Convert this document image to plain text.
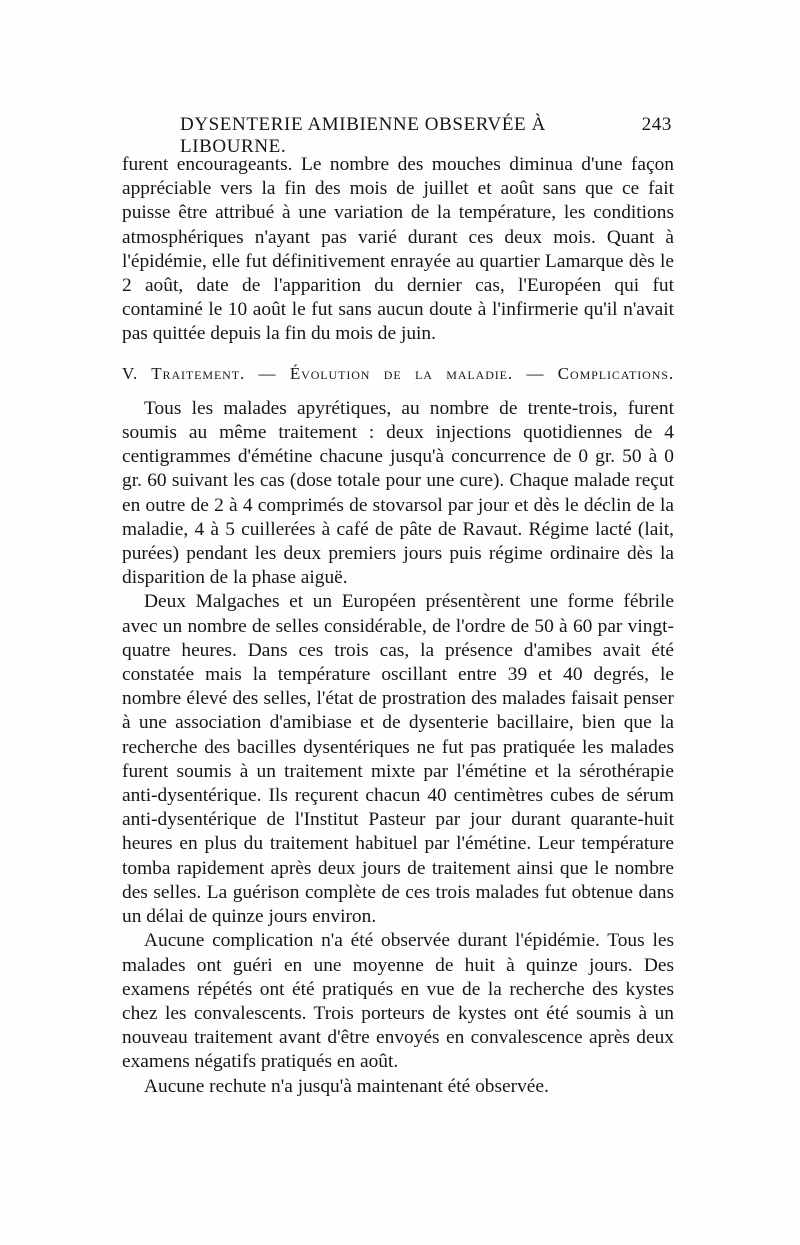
DYSENTERIE AMIBIENNE OBSERVÉE À LIBOURNE.
243

furent encourageants. Le nombre des mouches diminua d'une façon appréciable vers la fin des mois de juillet et août sans que ce fait puisse être attribué à une variation de la température, les conditions atmosphériques n'ayant pas varié durant ces deux mois. Quant à l'épidémie, elle fut définitivement enrayée au quartier Lamarque dès le 2 août, date de l'apparition du dernier cas, l'Européen qui fut contaminé le 10 août le fut sans aucun doute à l'infirmerie qu'il n'avait pas quittée depuis la fin du mois de juin.

V. Traitement. — Évolution de la maladie. — Complications.

Tous les malades apyrétiques, au nombre de trente-trois, furent soumis au même traitement : deux injections quotidiennes de 4 centigrammes d'émétine chacune jusqu'à concurrence de 0 gr. 50 à 0 gr. 60 suivant les cas (dose totale pour une cure). Chaque malade reçut en outre de 2 à 4 comprimés de stovarsol par jour et dès le déclin de la maladie, 4 à 5 cuillerées à café de pâte de Ravaut. Régime lacté (lait, purées) pendant les deux premiers jours puis régime ordinaire dès la disparition de la phase aiguë.

Deux Malgaches et un Européen présentèrent une forme fébrile avec un nombre de selles considérable, de l'ordre de 50 à 60 par vingt-quatre heures. Dans ces trois cas, la présence d'amibes avait été constatée mais la température oscillant entre 39 et 40 degrés, le nombre élevé des selles, l'état de prostration des malades faisait penser à une association d'amibiase et de dysenterie bacillaire, bien que la recherche des bacilles dysentériques ne fut pas pratiquée les malades furent soumis à un traitement mixte par l'émétine et la sérothérapie anti-dysentérique. Ils reçurent chacun 40 centimètres cubes de sérum anti-dysentérique de l'Institut Pasteur par jour durant quarante-huit heures en plus du traitement habituel par l'émétine. Leur température tomba rapidement après deux jours de traitement ainsi que le nombre des selles. La guérison complète de ces trois malades fut obtenue dans un délai de quinze jours environ.

Aucune complication n'a été observée durant l'épidémie. Tous les malades ont guéri en une moyenne de huit à quinze jours. Des examens répétés ont été pratiqués en vue de la recherche des kystes chez les convalescents. Trois porteurs de kystes ont été soumis à un nouveau traitement avant d'être envoyés en convalescence après deux examens négatifs pratiqués en août.

Aucune rechute n'a jusqu'à maintenant été observée.
